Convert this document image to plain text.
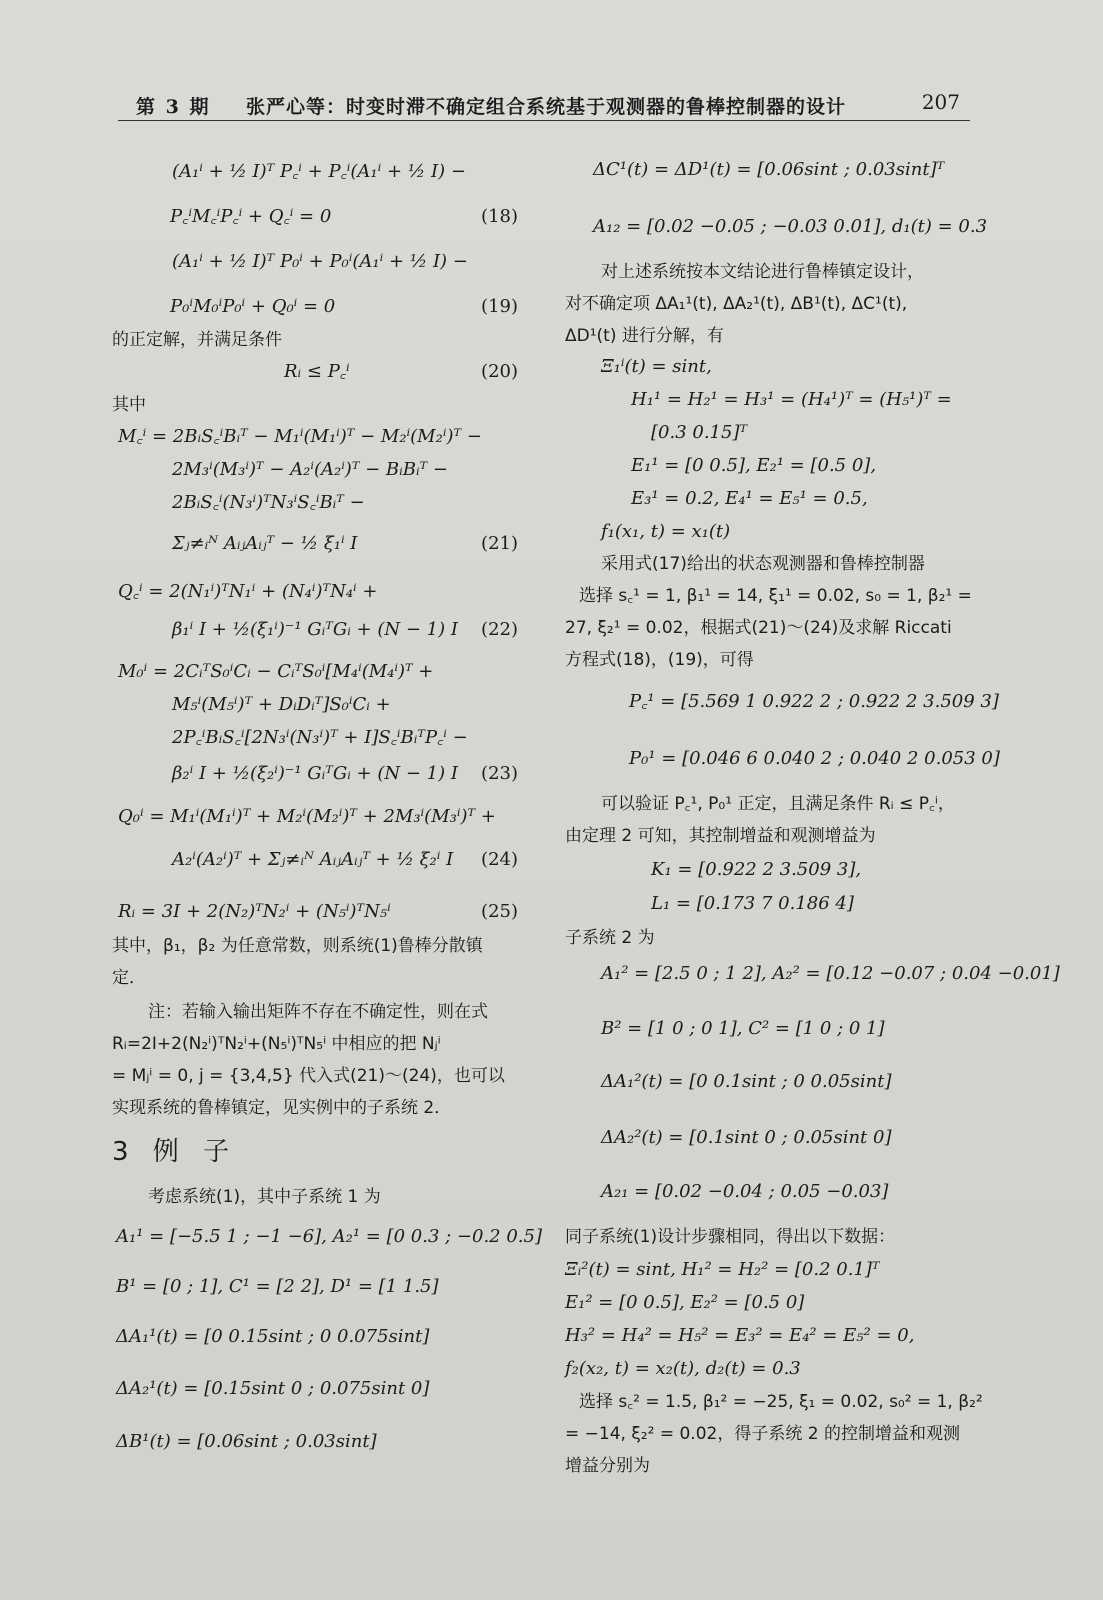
第 3 期 张严心等：时变时滞不确定组合系统基于观测器的鲁棒控制器的设计	207
(A₁ⁱ + ½ I)ᵀ P꜀ⁱ + P꜀ⁱ(A₁ⁱ + ½ I) −
P꜀ⁱM꜀ⁱP꜀ⁱ + Q꜀ⁱ = 0	(18)
(A₁ⁱ + ½ I)ᵀ P₀ⁱ + P₀ⁱ(A₁ⁱ + ½ I) −
P₀ⁱM₀ⁱP₀ⁱ + Q₀ⁱ = 0	(19)
的正定解，并满足条件
Rᵢ ≤ P꜀ⁱ	(20)
其中
M꜀ⁱ = 2BᵢS꜀ⁱBᵢᵀ − M₁ⁱ(M₁ⁱ)ᵀ − M₂ⁱ(M₂ⁱ)ᵀ −
2M₃ⁱ(M₃ⁱ)ᵀ − A₂ⁱ(A₂ⁱ)ᵀ − BᵢBᵢᵀ −
2BᵢS꜀ⁱ(N₃ⁱ)ᵀN₃ⁱS꜀ⁱBᵢᵀ −
Σⱼ≠ᵢᴺ AᵢⱼAᵢⱼᵀ − ½ ξ₁ⁱ I	(21)
Q꜀ⁱ = 2(N₁ⁱ)ᵀN₁ⁱ + (N₄ⁱ)ᵀN₄ⁱ +
β₁ⁱ I + ½(ξ₁ⁱ)⁻¹ GᵢᵀGᵢ + (N − 1) I (22)
M₀ⁱ = 2CᵢᵀS₀ⁱCᵢ − CᵢᵀS₀ⁱ[M₄ⁱ(M₄ⁱ)ᵀ +
M₅ⁱ(M₅ⁱ)ᵀ + DᵢDᵢᵀ]S₀ⁱCᵢ +
2P꜀ⁱBᵢS꜀ⁱ[2N₃ⁱ(N₃ⁱ)ᵀ + I]S꜀ⁱBᵢᵀP꜀ⁱ −
β₂ⁱ I + ½(ξ₂ⁱ)⁻¹ GᵢᵀGᵢ + (N − 1) I (23)
Q₀ⁱ = M₁ⁱ(M₁ⁱ)ᵀ + M₂ⁱ(M₂ⁱ)ᵀ + 2M₃ⁱ(M₃ⁱ)ᵀ +
A₂ⁱ(A₂ⁱ)ᵀ + Σⱼ≠ᵢᴺ AᵢⱼAᵢⱼᵀ + ½ ξ₂ⁱ I (24)
Rᵢ = 3I + 2(N₂)ᵀN₂ⁱ + (N₅ⁱ)ᵀN₅ⁱ	(25)
其中，β₁，β₂ 为任意常数，则系统(1)鲁棒分散镇
定．
注：若输入输出矩阵不存在不确定性，则在式
Rᵢ=2I+2(N₂ⁱ)ᵀN₂ⁱ+(N₅ⁱ)ᵀN₅ⁱ 中相应的把 Nⱼⁱ
= Mⱼⁱ = 0, j = {3,4,5} 代入式(21)～(24)，也可以
实现系统的鲁棒镇定，见实例中的子系统 2．
3 例 子
考虑系统(1)，其中子系统 1 为
A₁¹ = [−5.5 1 ; −1 −6], A₂¹ = [0 0.3 ; −0.2 0.5]
B¹ = [0 ; 1], C¹ = [2 2], D¹ = [1 1.5]
ΔA₁¹(t) = [0 0.15sint ; 0 0.075sint]
ΔA₂¹(t) = [0.15sint 0 ; 0.075sint 0]
ΔB¹(t) = [0.06sint ; 0.03sint]
ΔC¹(t) = ΔD¹(t) = [0.06sint ; 0.03sint]ᵀ
A₁₂ = [0.02 −0.05 ; −0.03 0.01], d₁(t) = 0.3
对上述系统按本文结论进行鲁棒镇定设计，
对不确定项 ΔA₁¹(t), ΔA₂¹(t), ΔB¹(t), ΔC¹(t),
ΔD¹(t) 进行分解，有
Ξ₁ⁱ(t) = sint,
H₁¹ = H₂¹ = H₃¹ = (H₄¹)ᵀ = (H₅¹)ᵀ =
[0.3 0.15]ᵀ
E₁¹ = [0 0.5], E₂¹ = [0.5 0],
E₃¹ = 0.2, E₄¹ = E₅¹ = 0.5,
f₁(x₁, t) = x₁(t)
采用式(17)给出的状态观测器和鲁棒控制器
选择 s꜀¹ = 1, β₁¹ = 14, ξ₁¹ = 0.02, s₀ = 1, β₂¹ =
27, ξ₂¹ = 0.02，根据式(21)～(24)及求解 Riccati
方程式(18)，(19)，可得
P꜀¹ = [5.569 1 0.922 2 ; 0.922 2 3.509 3]
P₀¹ = [0.046 6 0.040 2 ; 0.040 2 0.053 0]
可以验证 P꜀¹, P₀¹ 正定，且满足条件 Rᵢ ≤ P꜀ⁱ，
由定理 2 可知，其控制增益和观测增益为
K₁ = [0.922 2 3.509 3],
L₁ = [0.173 7 0.186 4]
子系统 2 为
A₁² = [2.5 0 ; 1 2], A₂² = [0.12 −0.07 ; 0.04 −0.01]
B² = [1 0 ; 0 1], C² = [1 0 ; 0 1]
ΔA₁²(t) = [0 0.1sint ; 0 0.05sint]
ΔA₂²(t) = [0.1sint 0 ; 0.05sint 0]
A₂₁ = [0.02 −0.04 ; 0.05 −0.03]
同子系统(1)设计步骤相同，得出以下数据：
Ξᵢ²(t) = sint, H₁² = H₂² = [0.2 0.1]ᵀ
E₁² = [0 0.5], E₂² = [0.5 0]
H₃² = H₄² = H₅² = E₃² = E₄² = E₅² = 0,
f₂(x₂, t) = x₂(t), d₂(t) = 0.3
选择 s꜀² = 1.5, β₁² = −25, ξ₁ = 0.02, s₀² = 1, β₂²
= −14, ξ₂² = 0.02，得子系统 2 的控制增益和观测
增益分别为
